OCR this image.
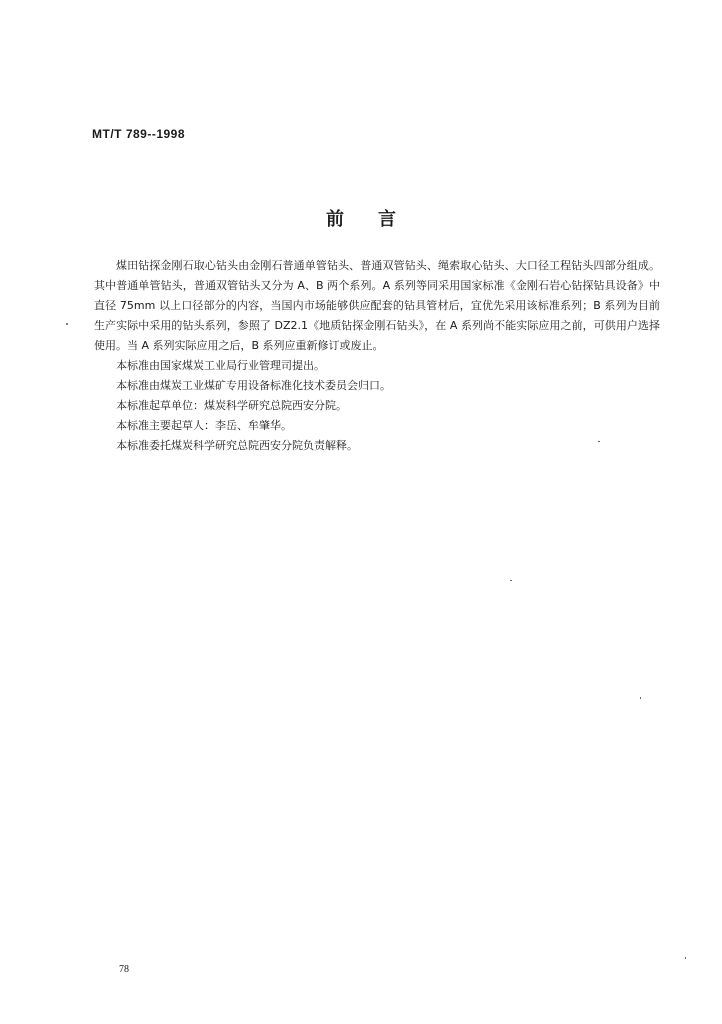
MT/T 789--1998
前言

煤田钻探金刚石取心钻头由金刚石普通单管钻头、普通双管钻头、绳索取心钻头、大口径工程钻头四部分组成。其中普通单管钻头，普通双管钻头又分为 A、B 两个系列。A 系列等同采用国家标准《金刚石岩心钻探钻具设备》中直径 75mm 以上口径部分的内容，当国内市场能够供应配套的钻具管材后，宜优先采用该标准系列；B 系列为目前生产实际中采用的钻头系列，参照了 DZ2.1《地质钻探金刚石钻头》，在 A 系列尚不能实际应用之前，可供用户选择使用。当 A 系列实际应用之后，B 系列应重新修订或废止。

本标准由国家煤炭工业局行业管理司提出。

本标准由煤炭工业煤矿专用设备标准化技术委员会归口。

本标准起草单位：煤炭科学研究总院西安分院。

本标准主要起草人：李岳、牟肇华。

本标准委托煤炭科学研究总院西安分院负责解释。

78
